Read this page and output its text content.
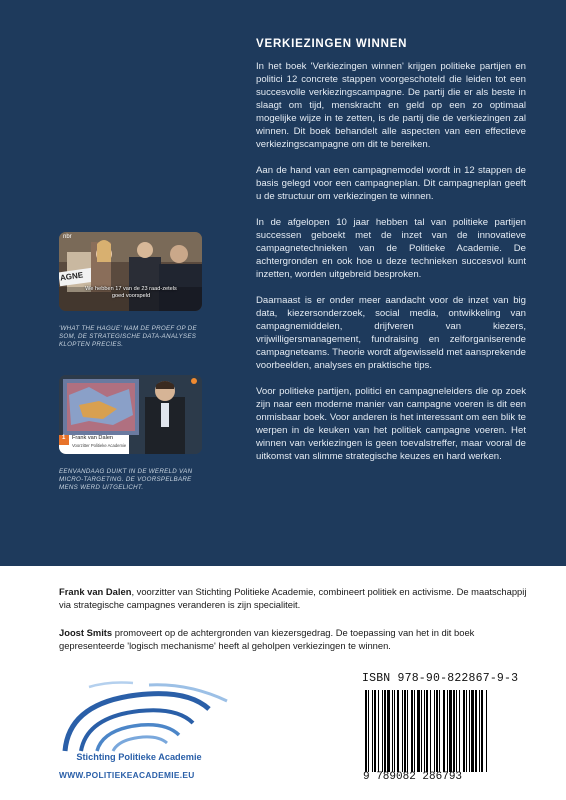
VERKIEZINGEN WINNEN

In het boek 'Verkiezingen winnen' krijgen politieke partijen en politici 12 concrete stappen voorgeschoteld die leiden tot een succesvolle verkiezingscampagne. De partij die er als beste in slaagt om tijd, menskracht en geld op een zo optimaal mogelijke wijze in te zetten, is de partij die de verkiezingen zal winnen. Dit boek behandelt alle aspecten van een effectieve verkiezingscampagne om dit te bereiken.

Aan de hand van een campagnemodel wordt in 12 stappen de basis gelegd voor een campagneplan. Dit campagneplan geeft u de structuur om verkiezingen te winnen.

In de afgelopen 10 jaar hebben tal van politieke partijen successen geboekt met de inzet van de innovatieve campagnetechnieken van de Politieke Academie. De achtergronden en ook hoe u deze technieken succesvol kunt inzetten, worden uitgebreid besproken.

Daarnaast is er onder meer aandacht voor de inzet van big data, kiezersonderzoek, social media, ontwikkeling van campagnemiddelen, drijfveren van kiezers, vrijwilligersmanagement, fundraising en zelforganiserende campagneteams. Theorie wordt afgewisseld met aansprekende voorbeelden, analyses en praktische tips.

Voor politieke partijen, politici en campagneleiders die op zoek zijn naar een moderne manier van campagne voeren is dit een onmisbaar boek. Voor anderen is het interessant om een blik te werpen in de keuken van het politiek campagne voeren. Het winnen van verkiezingen is geen toevalstreffer, maar vooral de uitkomst van slimme strategische keuzes en hard werken.

nbr
AGNE
We hebben 17 van de 23 raad-zetels goed voorspeld
'WHAT THE HAGUE' NAM DE PROEF OP DE SOM, DE STRATEGISCHE DATA-ANALYSES KLOPTEN PRECIES.
1 Frank van Dalen
Voorzitter Politieke Academie
EENVANDAAG DUIKT IN DE WERELD VAN MICRO-TARGETING. DE VOORSPELBARE MENS WERD UITGELICHT.
Frank van Dalen, voorzitter van Stichting Politieke Academie, combineert politiek en activisme. De maatschappij via strategische campagnes veranderen is zijn specialiteit.
Joost Smits promoveert op de achtergronden van kiezersgedrag. De toepassing van het in dit boek gepresenteerde 'logisch mechanisme' heeft al geholpen verkiezingen te winnen.
Stichting Politieke Academie
WWW.POLITIEKEACADEMIE.EU
ISBN 978-90-822867-9-3
9 789082 286793
